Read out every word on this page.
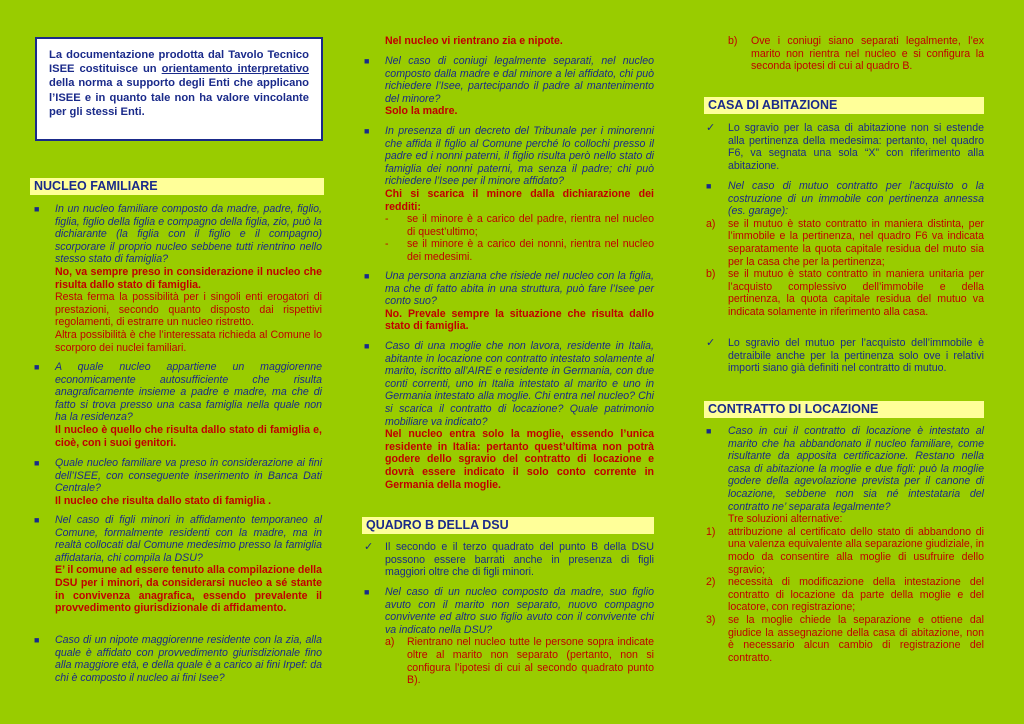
La documentazione prodotta dal Tavolo Tecnico ISEE costituisce un orientamento interpretativo della norma a supporto degli Enti che applicano l’ISEE e in quanto tale non ha valore vincolante per gli stessi Enti.
NUCLEO FAMILIARE
■ In un nucleo familiare composto da madre, padre, figlio, figlia, figlio della figlia e compagno della figlia, zio, può la dichiarante (la figlia con il figlio e il compagno) scorporare il proprio nucleo sebbene tutti rientrino nello stesso stato di famiglia?

No, va sempre preso in considerazione il nucleo che risulta dallo stato di famiglia.

Resta ferma la possibilità per i singoli enti erogatori di prestazioni, secondo quanto disposto dai rispettivi regolamenti, di estrarre un nucleo ristretto.

Altra possibilità è che l’interessata richieda al Comune lo scorporo dei nuclei familiari.

■ A quale nucleo appartiene un maggiorenne economicamente autosufficiente che risulta anagraficamente insieme a padre e madre, ma che di fatto si trova presso una casa famiglia nella quale non ha la residenza?

Il nucleo è quello che risulta dallo stato di famiglia e, cioè, con i suoi genitori.

■ Quale nucleo familiare va preso in considerazione ai fini dell’ISEE, con conseguente inserimento in Banca Dati Centrale?

Il nucleo che risulta dallo stato di famiglia .

■ Nel caso di figli minori in affidamento temporaneo al Comune, formalmente residenti con la madre, ma in realtà collocati dal Comune medesimo presso la famiglia affidataria, chi compila la DSU?

E’ il comune ad essere tenuto alla compilazione della DSU per i minori, da considerarsi nucleo a sé stante in convivenza anagrafica, essendo prevalente il provvedimento giurisdizionale di affidamento.

■ Caso di un nipote maggiorenne residente con la zia, alla quale è affidato con provvedimento giurisdizionale fino alla maggiore età, e della quale è a carico ai fini Irpef: da chi è composto il nucleo ai fini Isee?

Nel nucleo vi rientrano zia e nipote.

■ Nel caso di coniugi legalmente separati, nel nucleo composto dalla madre e dal minore a lei affidato, chi può richiedere l’Isee, partecipando il padre al mantenimento del minore?

Solo la madre.

■ In presenza di un decreto del Tribunale per i minorenni che affida il figlio al Comune perché lo collochi presso il padre ed i nonni paterni, il figlio risulta però nello stato di famiglia dei nonni paterni, ma senza il padre; chi può richiedere l’Isee per il minore affidato?

Chi si scarica il minore dalla dichiarazione dei redditi:

- se il minore è a carico del padre, rientra nel nucleo di quest’ultimo;
- se il minore è a carico dei nonni, rientra nel nucleo dei medesimi.
■ Una persona anziana che risiede nel nucleo con la figlia, ma che di fatto abita in una struttura, può fare l’Isee per conto suo?

No. Prevale sempre la situazione che risulta dallo stato di famiglia.

■ Caso di una moglie che non lavora, residente in Italia, abitante in locazione con contratto intestato solamente al marito, iscritto all’AIRE e residente in Germania, con due conti correnti, uno in Italia intestato al marito e uno in Germania intestato alla moglie. Chi entra nel nucleo? Chi si scarica il contratto di locazione? Quale patrimonio mobiliare va indicato?

Nel nucleo entra solo la moglie, essendo l’unica residente in Italia: pertanto quest’ultima non potrà godere dello sgravio del contratto di locazione e dovrà essere indicato il solo conto corrente in Germania della moglie.

QUADRO B DELLA DSU
✓ Il secondo e il terzo quadrato del punto B della DSU possono essere barrati anche in presenza di figli maggiori oltre che di figli minori.

■ Nel caso di un nucleo composto da madre, suo figlio avuto con il marito non separato, nuovo compagno convivente ed altro suo figlio avuto con il convivente chi va indicato nella DSU?

a) Rientrano nel nucleo tutte le persone sopra indicate oltre al marito non separato (pertanto, non si configura l’ipotesi di cui al secondo quadrato punto B).
b) Ove i coniugi siano separati legalmente, l’ex marito non rientra nel nucleo e si configura la seconda ipotesi di cui al quadro B.
CASA DI ABITAZIONE
✓ Lo sgravio per la casa di abitazione non si estende alla pertinenza della medesima: pertanto, nel quadro F6, va segnata una sola “X” con riferimento alla abitazione.

■ Nel caso di mutuo contratto per l’acquisto o la costruzione di un immobile con pertinenza annessa (es. garage):

a) se il mutuo è stato contratto in maniera distinta, per l’immobile e la pertinenza, nel quadro F6 va indicata separatamente la quota capitale residua del muto sia per la casa che per la pertinenza;
b) se il mutuo è stato contratto in maniera unitaria per l’acquisto complessivo dell’immobile e della pertinenza, la quota capitale residua del mutuo va indicata solamente in riferimento alla casa.
✓ Lo sgravio del mutuo per l’acquisto dell’immobile è detraibile anche per la pertinenza solo ove i relativi importi siano già definiti nel contratto di mutuo.

CONTRATTO DI LOCAZIONE
■ Caso in cui il contratto di locazione è intestato al marito che ha abbandonato il nucleo familiare, come risultante da apposita certificazione. Restano nella casa di abitazione la moglie e due figli: può la moglie godere della agevolazione prevista per il canone di locazione, sebbene non sia né intestataria del contratto ne’ separata legalmente?

Tre soluzioni alternative:

1) attribuzione al certificato dello stato di abbandono di una valenza equivalente alla separazione giudiziale, in modo da consentire alla moglie di usufruire dello sgravio;
2) necessità di modificazione della intestazione del contratto di locazione da parte della moglie e del locatore, con registrazione;
3) se la moglie chiede la separazione e ottiene dal giudice la assegnazione della casa di abitazione, non è necessario alcun cambio di registrazione del contratto.
